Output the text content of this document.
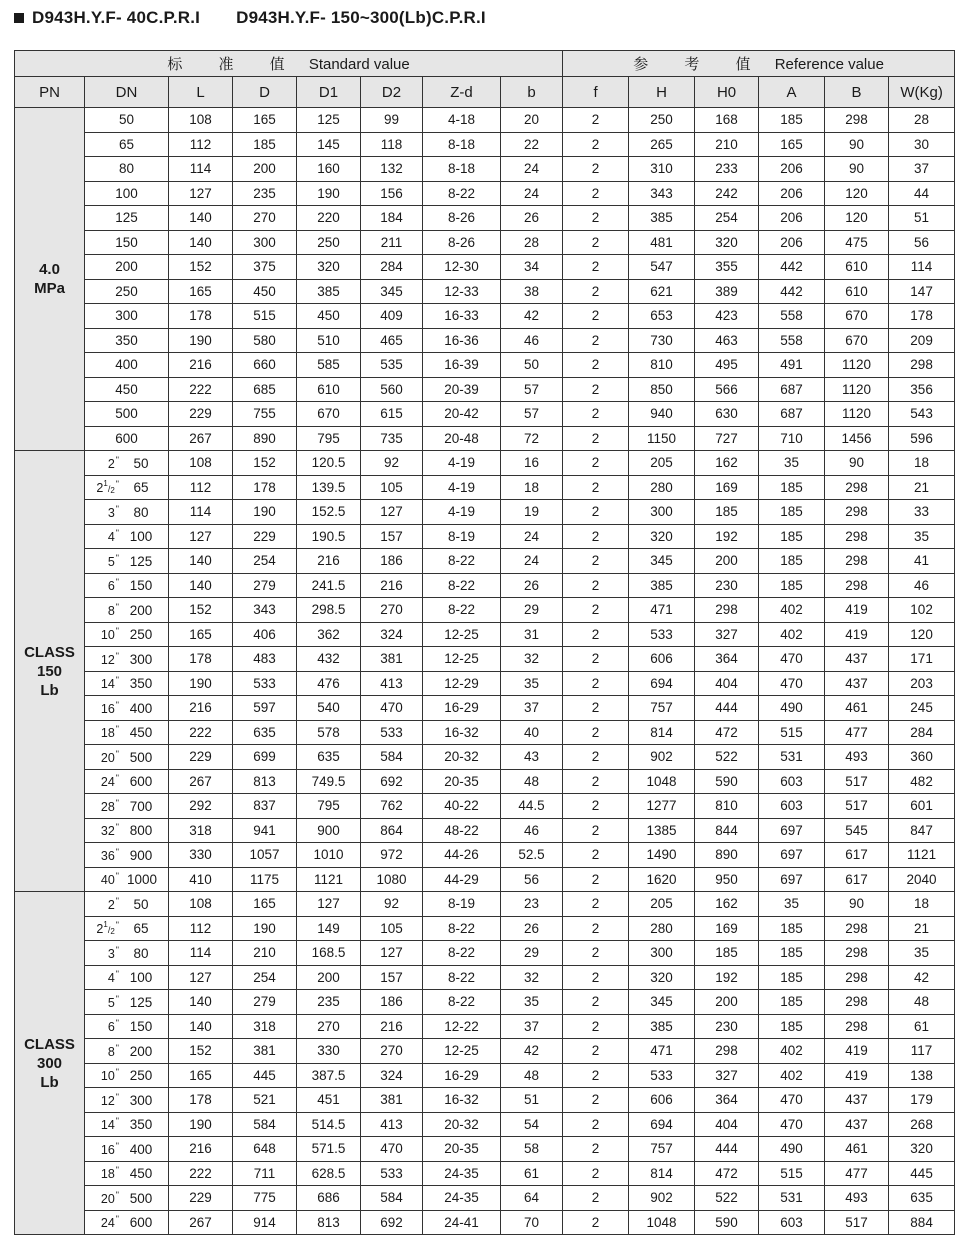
D943H.Y.F- 40C.P.R.I D943H.Y.F- 150~300(Lb)C.P.R.I
标 准 值 Standard value								参 考 值 Reference value					
PN	DN	L	D	D1	D2	Z-d	b	f	H	H0	A	B	W(Kg)

4.0
MPa	50	108	165	125	99	4-18	20	2	250	168	185	298	28
	65	112	185	145	118	8-18	22	2	265	210	165	90	30
	80	114	200	160	132	8-18	24	2	310	233	206	90	37
	100	127	235	190	156	8-22	24	2	343	242	206	120	44
	125	140	270	220	184	8-26	26	2	385	254	206	120	51
	150	140	300	250	211	8-26	28	2	481	320	206	475	56
	200	152	375	320	284	12-30	34	2	547	355	442	610	114
	250	165	450	385	345	12-33	38	2	621	389	442	610	147
	300	178	515	450	409	16-33	42	2	653	423	558	670	178
	350	190	580	510	465	16-36	46	2	730	463	558	670	209
	400	216	660	585	535	16-39	50	2	810	495	491	1120	298
	450	222	685	610	560	20-39	57	2	850	566	687	1120	356
	500	229	755	670	615	20-42	57	2	940	630	687	1120	543
	600	267	890	795	735	20-48	72	2	1150	727	710	1456	596

CLASS
150
Lb	2" 50	108	152	120.5	92	4-19	16	2	205	162	35	90	18
	$2^1/2^"$ 65	112	178	139.5	105	4-19	18	2	280	169	185	298	21
	3" 80	114	190	152.5	127	4-19	19	2	300	185	185	298	33
	4" 100	127	229	190.5	157	8-19	24	2	320	192	185	298	35
	5" 125	140	254	216	186	8-22	24	2	345	200	185	298	41
	6" 150	140	279	241.5	216	8-22	26	2	385	230	185	298	46
	8" 200	152	343	298.5	270	8-22	29	2	471	298	402	419	102
	10" 250	165	406	362	324	12-25	31	2	533	327	402	419	120
	12" 300	178	483	432	381	12-25	32	2	606	364	470	437	171
	14" 350	190	533	476	413	12-29	35	2	694	404	470	437	203
	16" 400	216	597	540	470	16-29	37	2	757	444	490	461	245
	18" 450	222	635	578	533	16-32	40	2	814	472	515	477	284
	20" 500	229	699	635	584	20-32	43	2	902	522	531	493	360
	24" 600	267	813	749.5	692	20-35	48	2	1048	590	603	517	482
	28" 700	292	837	795	762	40-22	44.5	2	1277	810	603	517	601
	32" 800	318	941	900	864	48-22	46	2	1385	844	697	545	847
	36" 900	330	1057	1010	972	44-26	52.5	2	1490	890	697	617	1121
	40" 1000	410	1175	1121	1080	44-29	56	2	1620	950	697	617	2040

CLASS
300
Lb	2" 50	108	165	127	92	8-19	23	2	205	162	35	90	18
	$2^1/2^"$ 65	112	190	149	105	8-22	26	2	280	169	185	298	21
	3" 80	114	210	168.5	127	8-22	29	2	300	185	185	298	35
	4" 100	127	254	200	157	8-22	32	2	320	192	185	298	42
	5" 125	140	279	235	186	8-22	35	2	345	200	185	298	48
	6" 150	140	318	270	216	12-22	37	2	385	230	185	298	61
	8" 200	152	381	330	270	12-25	42	2	471	298	402	419	117
	10" 250	165	445	387.5	324	16-29	48	2	533	327	402	419	138
	12" 300	178	521	451	381	16-32	51	2	606	364	470	437	179
	14" 350	190	584	514.5	413	20-32	54	2	694	404	470	437	268
	16" 400	216	648	571.5	470	20-35	58	2	757	444	490	461	320
	18" 450	222	711	628.5	533	24-35	61	2	814	472	515	477	445
	20" 500	229	775	686	584	24-35	64	2	902	522	531	493	635
	24" 600	267	914	813	692	24-41	70	2	1048	590	603	517	884
